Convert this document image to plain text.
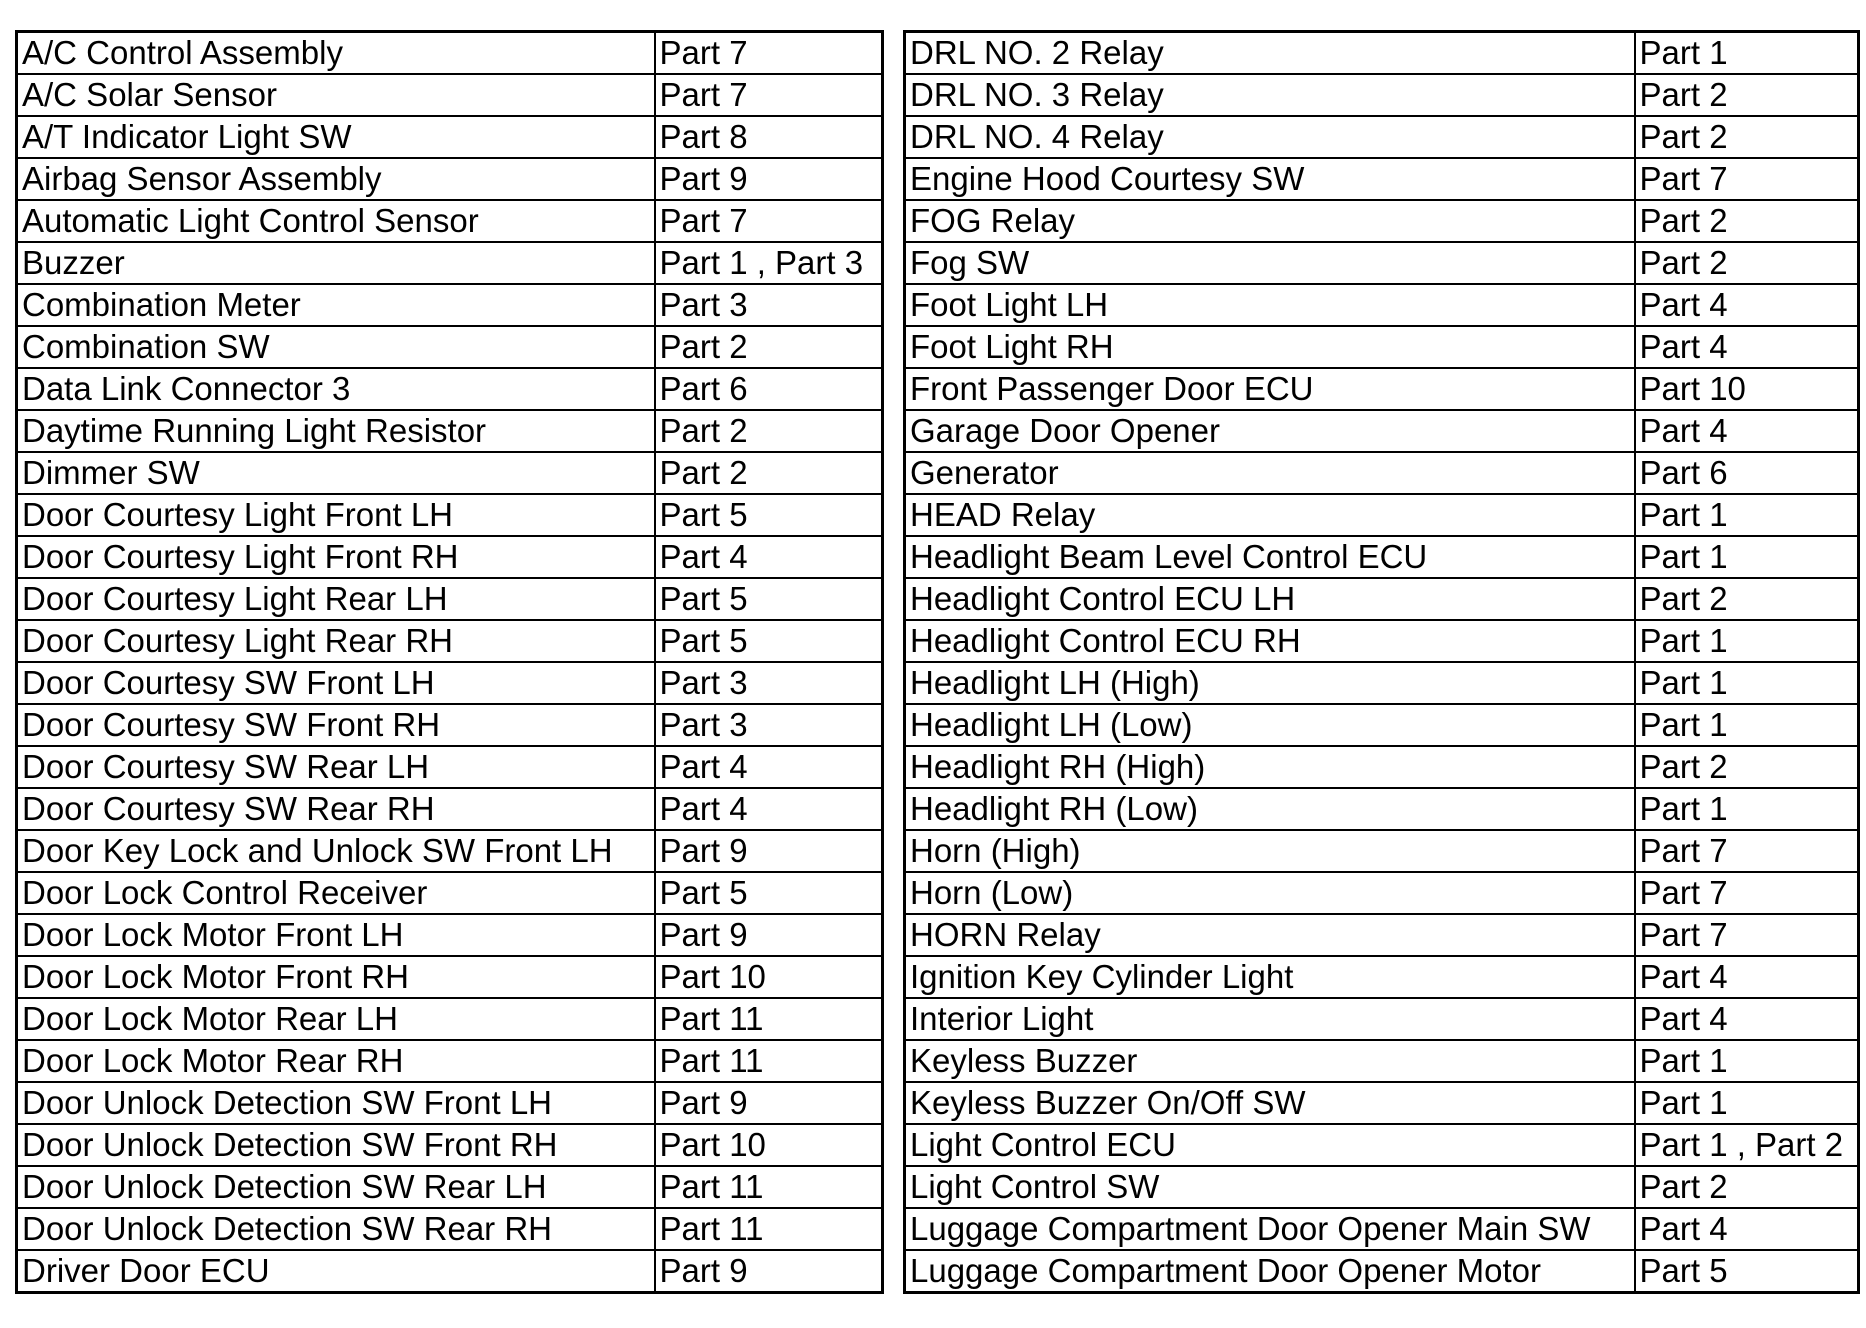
A/C Control Assembly	Part 7
A/C Solar Sensor	Part 7
A/T Indicator Light SW	Part 8
Airbag Sensor Assembly	Part 9
Automatic Light Control Sensor	Part 7
Buzzer	Part 1 , Part 3
Combination Meter	Part 3
Combination SW	Part 2
Data Link Connector 3	Part 6
Daytime Running Light Resistor	Part 2
Dimmer SW	Part 2
Door Courtesy Light Front LH	Part 5
Door Courtesy Light Front RH	Part 4
Door Courtesy Light Rear LH	Part 5
Door Courtesy Light Rear RH	Part 5
Door Courtesy SW Front LH	Part 3
Door Courtesy SW Front RH	Part 3
Door Courtesy SW Rear LH	Part 4
Door Courtesy SW Rear RH	Part 4
Door Key Lock and Unlock SW Front LH	Part 9
Door Lock Control Receiver	Part 5
Door Lock Motor Front LH	Part 9
Door Lock Motor Front RH	Part 10
Door Lock Motor Rear LH	Part 11
Door Lock Motor Rear RH	Part 11
Door Unlock Detection SW Front LH	Part 9
Door Unlock Detection SW Front RH	Part 10
Door Unlock Detection SW Rear LH	Part 11
Door Unlock Detection SW Rear RH	Part 11
Driver Door ECU	Part 9
DRL NO. 2 Relay	Part 1
DRL NO. 3 Relay	Part 2
DRL NO. 4 Relay	Part 2
Engine Hood Courtesy SW	Part 7
FOG Relay	Part 2
Fog SW	Part 2
Foot Light LH	Part 4
Foot Light RH	Part 4
Front Passenger Door ECU	Part 10
Garage Door Opener	Part 4
Generator	Part 6
HEAD Relay	Part 1
Headlight Beam Level Control ECU	Part 1
Headlight Control ECU LH	Part 2
Headlight Control ECU RH	Part 1
Headlight LH (High)	Part 1
Headlight LH (Low)	Part 1
Headlight RH (High)	Part 2
Headlight RH (Low)	Part 1
Horn (High)	Part 7
Horn (Low)	Part 7
HORN Relay	Part 7
Ignition Key Cylinder Light	Part 4
Interior Light	Part 4
Keyless Buzzer	Part 1
Keyless Buzzer On/Off SW	Part 1
Light Control ECU	Part 1 , Part 2
Light Control SW	Part 2
Luggage Compartment Door Opener Main SW	Part 4
Luggage Compartment Door Opener Motor	Part 5
